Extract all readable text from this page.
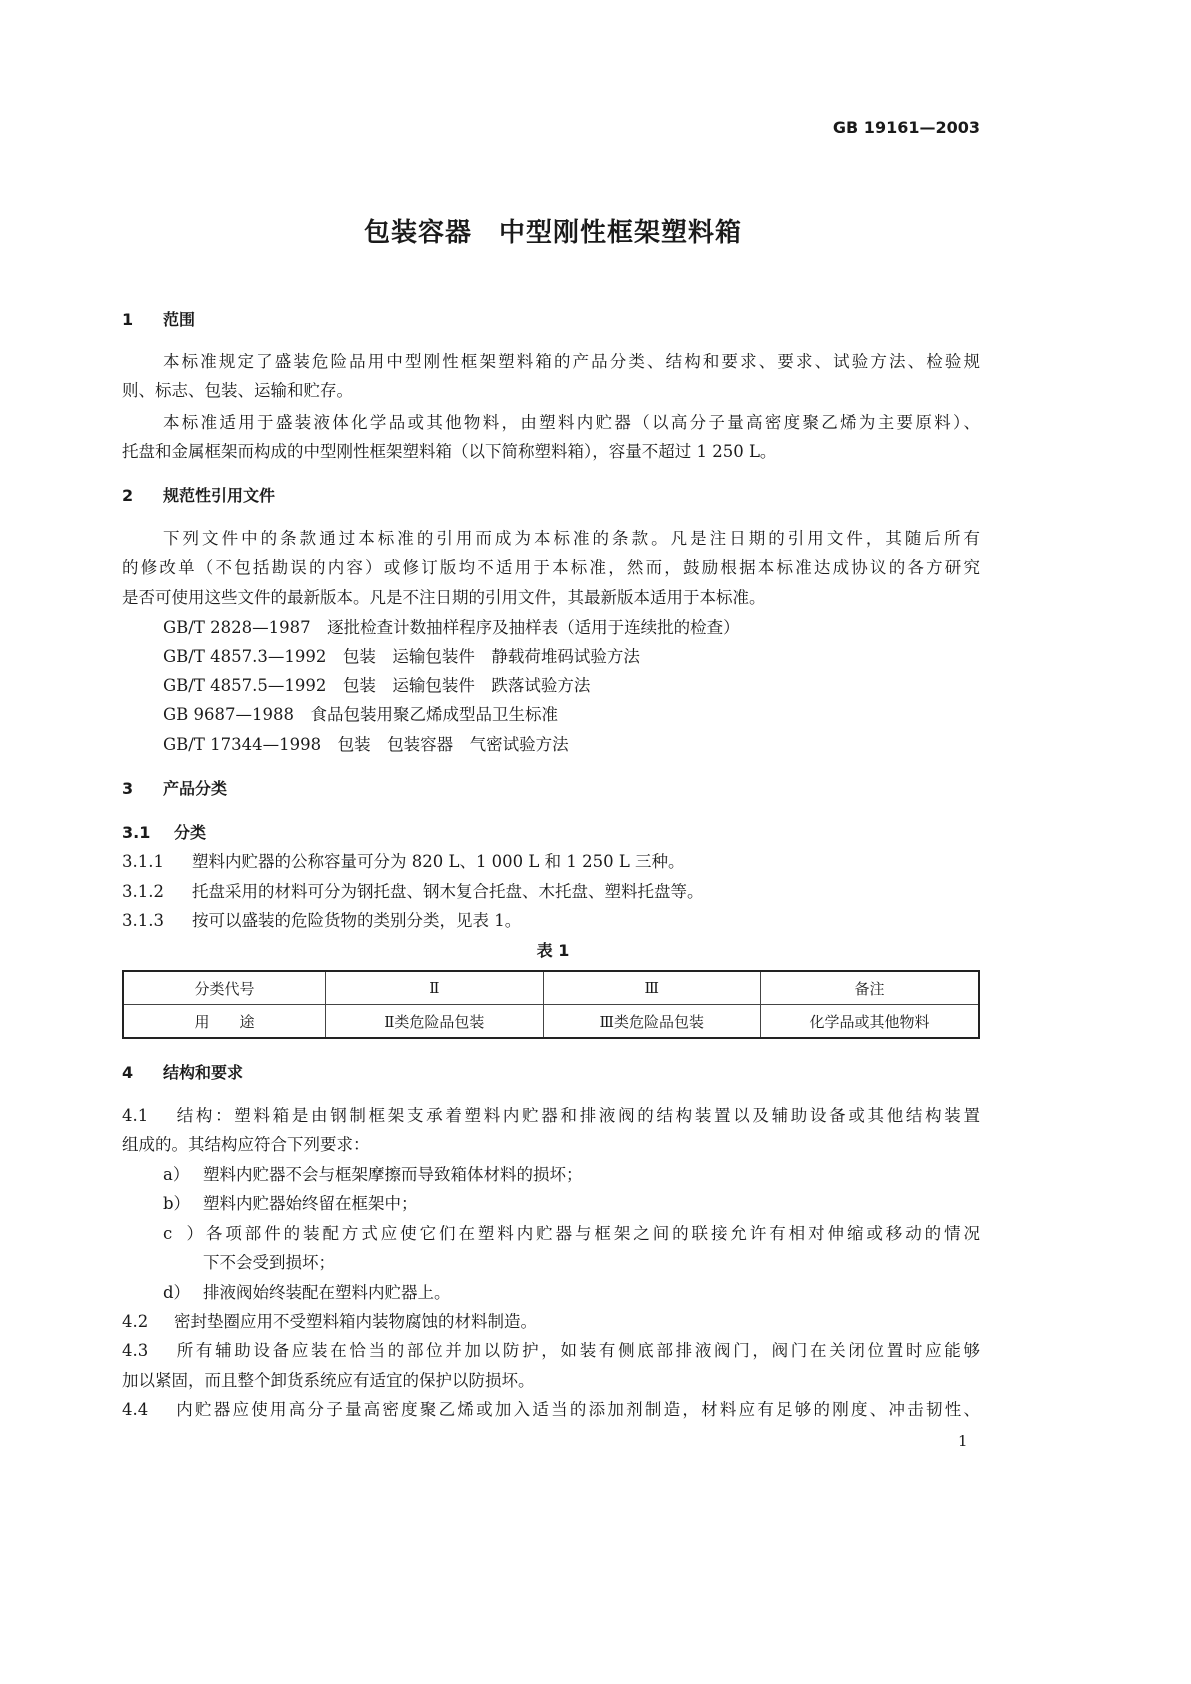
GB 19161—2003
包装容器　中型刚性框架塑料箱
1 范围
本标准规定了盛装危险品用中型刚性框架塑料箱的产品分类、结构和要求、要求、试验方法、检验规
则、标志、包装、运输和贮存。
本标准适用于盛装液体化学品或其他物料，由塑料内贮器（以高分子量高密度聚乙烯为主要原料）、
托盘和金属框架而构成的中型刚性框架塑料箱（以下简称塑料箱），容量不超过 1 250 L。
2 规范性引用文件
下列文件中的条款通过本标准的引用而成为本标准的条款。凡是注日期的引用文件，其随后所有
的修改单（不包括勘误的内容）或修订版均不适用于本标准，然而，鼓励根据本标准达成协议的各方研究
是否可使用这些文件的最新版本。凡是不注日期的引用文件，其最新版本适用于本标准。
GB/T 2828—1987　逐批检查计数抽样程序及抽样表（适用于连续批的检查）
GB/T 4857.3—1992　包装　运输包装件　静载荷堆码试验方法
GB/T 4857.5—1992　包装　运输包装件　跌落试验方法
GB 9687—1988　食品包装用聚乙烯成型品卫生标准
GB/T 17344—1998　包装　包装容器　气密试验方法
3 产品分类
3.1 分类
3.1.1 塑料内贮器的公称容量可分为 820 L、1 000 L 和 1 250 L 三种。
3.1.2 托盘采用的材料可分为钢托盘、钢木复合托盘、木托盘、塑料托盘等。
3.1.3 按可以盛装的危险货物的类别分类，见表 1。
表 1
分类代号	Ⅱ	Ⅲ	备注
用　　途	Ⅱ类危险品包装	Ⅲ类危险品包装	化学品或其他物料
4 结构和要求
4.1 结构：塑料箱是由钢制框架支承着塑料内贮器和排液阀的结构装置以及辅助设备或其他结构装置
组成的。其结构应符合下列要求：
a） 塑料内贮器不会与框架摩擦而导致箱体材料的损坏；
b） 塑料内贮器始终留在框架中；
c）各项部件的装配方式应使它们在塑料内贮器与框架之间的联接允许有相对伸缩或移动的情况
下不会受到损坏；
d） 排液阀始终装配在塑料内贮器上。
4.2 密封垫圈应用不受塑料箱内装物腐蚀的材料制造。
4.3 所有辅助设备应装在恰当的部位并加以防护，如装有侧底部排液阀门，阀门在关闭位置时应能够
加以紧固，而且整个卸货系统应有适宜的保护以防损坏。
4.4 内贮器应使用高分子量高密度聚乙烯或加入适当的添加剂制造，材料应有足够的刚度、冲击韧性、
1
